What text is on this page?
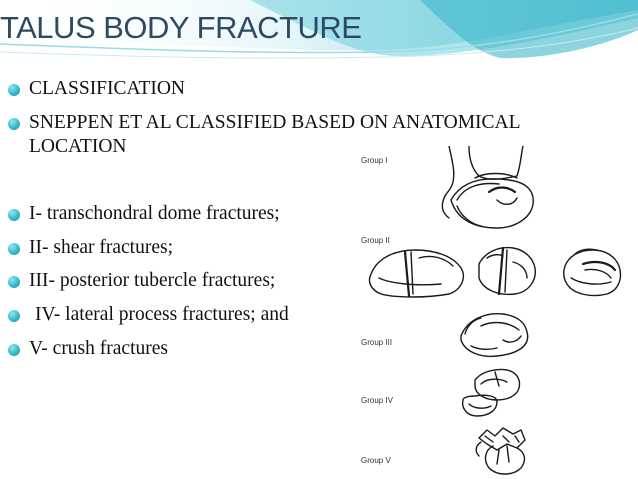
TALUS BODY FRACTURE
CLASSIFICATION
SNEPPEN ET AL CLASSIFIED BASED ON ANATOMICAL LOCATION
I- transchondral dome fractures;
II- shear fractures;
III- posterior tubercle fractures;
IV- lateral process fractures; and
V- crush fractures
Group I
Group II
Group III
Group IV
Group V
